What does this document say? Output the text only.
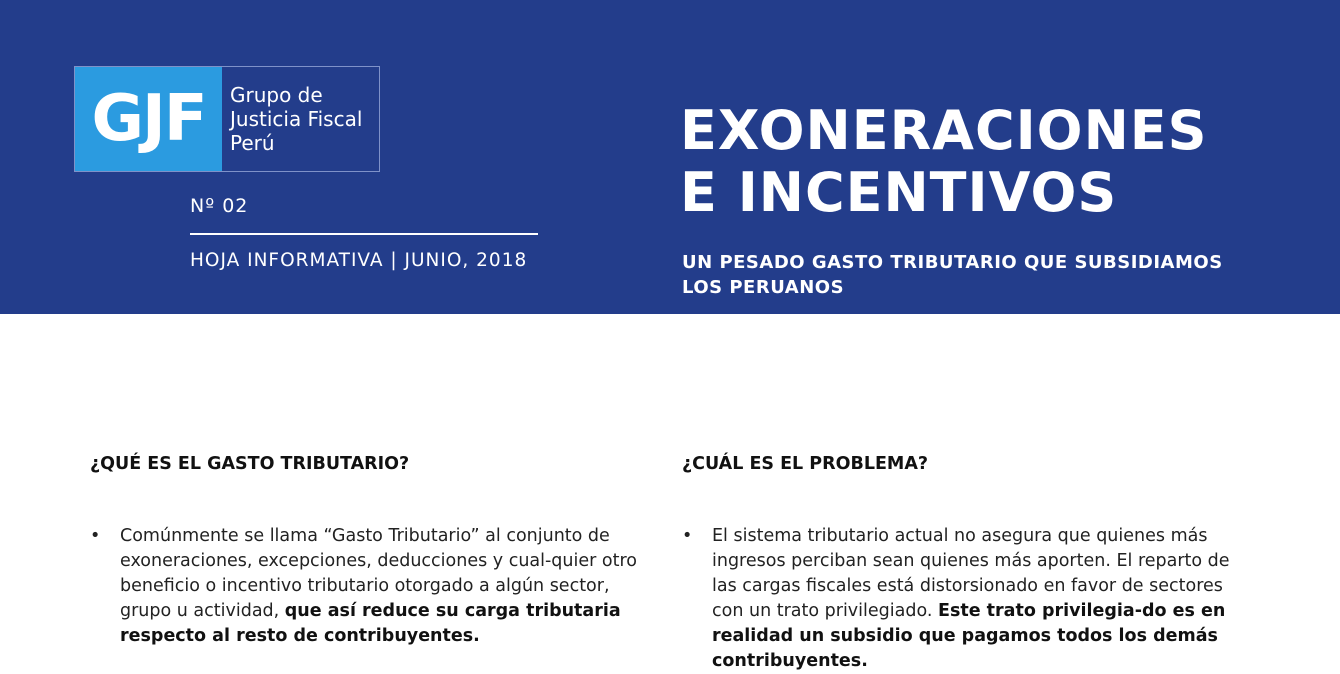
GJF Grupo de
Justicia Fiscal
Perú
Nº 02
HOJA INFORMATIVA | JUNIO, 2018
EXONERACIONES
E INCENTIVOS
UN PESADO GASTO TRIBUTARIO QUE SUBSIDIAMOS
LOS PERUANOS
¿QUÉ ES EL GASTO TRIBUTARIO?
• Comúnmente se llama “Gasto Tributario” al conjunto de exoneraciones, excepciones, deducciones y cual-quier otro beneficio o incentivo tributario otorgado a algún sector, grupo u actividad, que así reduce su carga tributaria respecto al resto de contribuyentes.
¿CUÁL ES EL PROBLEMA?
• El sistema tributario actual no asegura que quienes más ingresos perciban sean quienes más aporten. El reparto de las cargas fiscales está distorsionado en favor de sectores con un trato privilegiado. Este trato privilegia-do es en realidad un subsidio que pagamos todos los demás contribuyentes.
